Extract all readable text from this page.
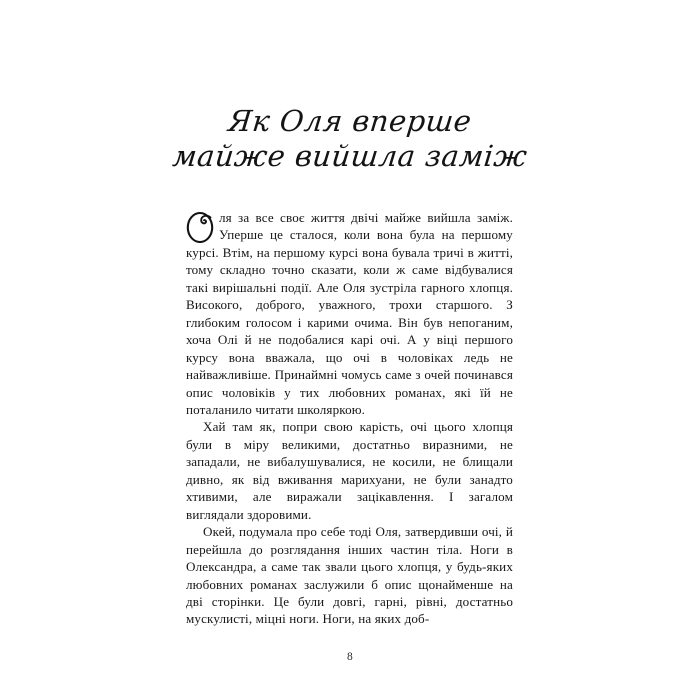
Як Оля вперше
майже вийшла заміж

ля за все своє життя двічі майже вийшла заміж. Уперше це сталося, коли вона була на першому курсі. Втім, на першому курсі вона бувала тричі в житті, тому складно точно сказати, коли ж саме відбувалися такі вирішальні події. Але Оля зустріла гарного хлопця. Високого, доброго, уважного, трохи старшого. З глибоким голосом і карими очима. Він був непоганим, хоча Олі й не подобалися карі очі. А у віці першого курсу вона вважала, що очі в чоловіках ледь не найважливіше. Принаймні чомусь саме з очей починався опис чоловіків у тих любовних романах, які їй не поталанило читати школяркою.

Хай там як, попри свою карість, очі цього хлопця були в міру великими, достатньо виразними, не западали, не вибалушувалися, не косили, не блищали дивно, як від вживання марихуани, не були занадто хтивими, але виражали зацікавлення. І загалом виглядали здоровими.

Окей, подумала про себе тоді Оля, затвердивши очі, й перейшла до розглядання інших частин тіла. Ноги в Олександра, а саме так звали цього хлопця, у будь-яких любовних романах заслужили б опис щонайменше на дві сторінки. Це були довгі, гарні, рівні, достатньо мускулисті, міцні ноги. Ноги, на яких доб-

8
